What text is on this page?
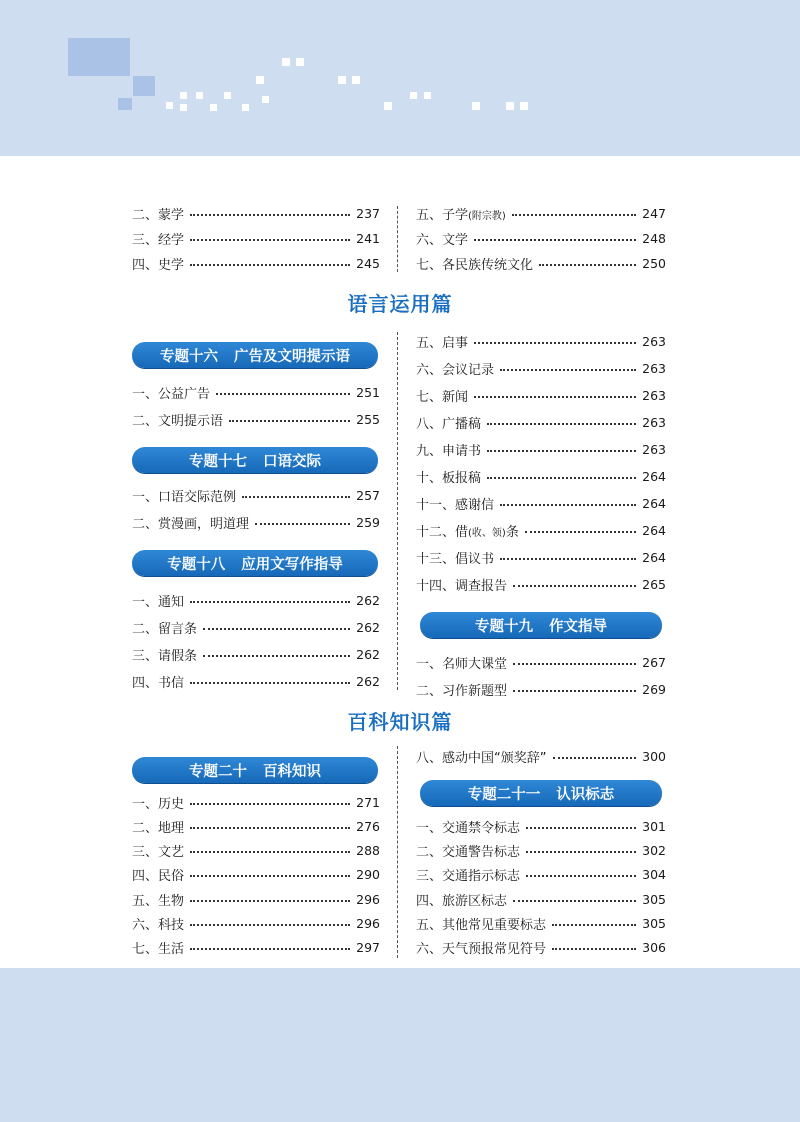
二、 蒙学	237
三、 经学	241
四、 史学	245
五、 子学(附宗教)	247
六、 文学	248
七、 各民族传统文化	250
语言运用篇
专题十六 广告及文明提示语
一、 公益广告	251
二、 文明提示语	255
专题十七 口语交际
一、 口语交际范例	257
二、 赏漫画，明道理	259
专题十八 应用文写作指导
一、 通知	262
二、 留言条	262
三、 请假条	262
四、 书信	262
五、 启事	263
六、 会议记录	263
七、 新闻	263
八、 广播稿	263
九、 申请书	263
十、 板报稿	264
十一、 感谢信	264
十二、 借(收、领)条	264
十三、 倡议书	264
十四、 调查报告	265
专题十九 作文指导
一、 名师大课堂	267
二、 习作新题型	269
百科知识篇
专题二十 百科知识
一、 历史	271
二、 地理	276
三、 文艺	288
四、 民俗	290
五、 生物	296
六、 科技	296
七、 生活	297
八、 感动中国“颁奖辞”	300
专题二十一 认识标志
一、 交通禁令标志	301
二、 交通警告标志	302
三、 交通指示标志	304
四、 旅游区标志	305
五、 其他常见重要标志	305
六、 天气预报常见符号	306
